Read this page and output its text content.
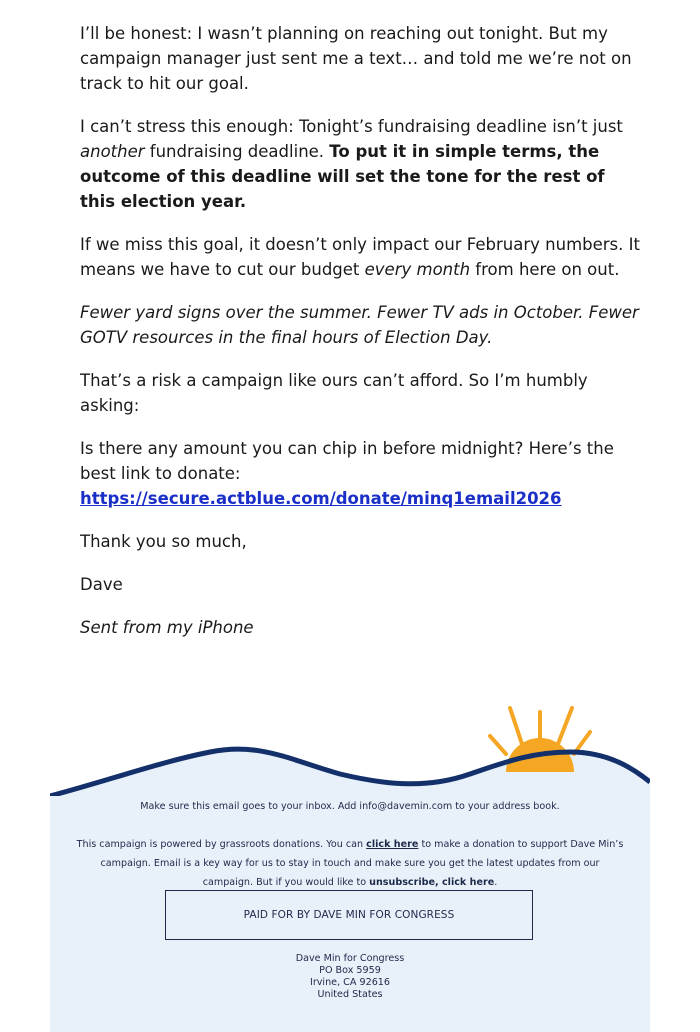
I’ll be honest: I wasn’t planning on reaching out tonight. But my campaign manager just sent me a text… and told me we’re not on track to hit our goal.

I can’t stress this enough: Tonight’s fundraising deadline isn’t just another fundraising deadline. To put it in simple terms, the outcome of this deadline will set the tone for the rest of this election year.

If we miss this goal, it doesn’t only impact our February numbers. It means we have to cut our budget every month from here on out.

Fewer yard signs over the summer. Fewer TV ads in October. Fewer GOTV resources in the final hours of Election Day.

That’s a risk a campaign like ours can’t afford. So I’m humbly asking:

Is there any amount you can chip in before midnight? Here’s the best link to donate:
https://secure.actblue.com/donate/minq1email2026

Thank you so much,

Dave

Sent from my iPhone

Make sure this email goes to your inbox. Add info@davemin.com to your address book.
This campaign is powered by grassroots donations. You can click here to make a donation to support Dave Min’s campaign. Email is a key way for us to stay in touch and make sure you get the latest updates from our campaign. But if you would like to unsubscribe, click here.
PAID FOR BY DAVE MIN FOR CONGRESS
Dave Min for Congress
PO Box 5959
Irvine, CA 92616
United States
